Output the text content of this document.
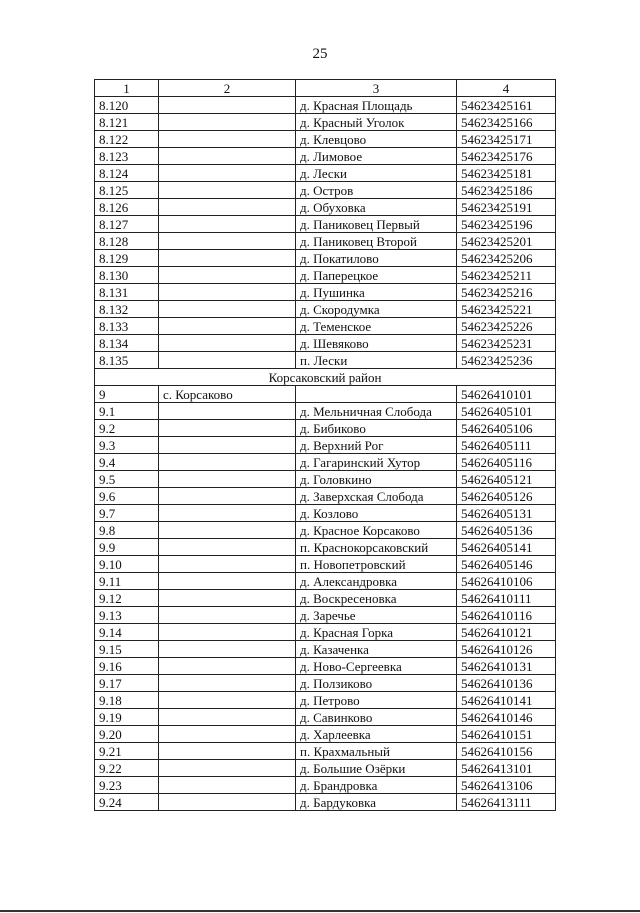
25
1	2	3	4
8.120		д. Красная Площадь	54623425161
8.121		д. Красный Уголок	54623425166
8.122		д. Клевцово	54623425171
8.123		д. Лимовое	54623425176
8.124		д. Лески	54623425181
8.125		д. Остров	54623425186
8.126		д. Обуховка	54623425191
8.127		д. Паниковец Первый	54623425196
8.128		д. Паниковец Второй	54623425201
8.129		д. Покатилово	54623425206
8.130		д. Паперецкое	54623425211
8.131		д. Пушинка	54623425216
8.132		д. Скородумка	54623425221
8.133		д. Теменское	54623425226
8.134		д. Шевяково	54623425231
8.135		п. Лески	54623425236
Корсаковский район			
9	с. Корсаково		54626410101
9.1		д. Мельничная Слобода	54626405101
9.2		д. Бибиково	54626405106
9.3		д. Верхний Рог	54626405111
9.4		д. Гагаринский Хутор	54626405116
9.5		д. Головкино	54626405121
9.6		д. Заверхская Слобода	54626405126
9.7		д. Козлово	54626405131
9.8		д. Красное Корсаково	54626405136
9.9		п. Краснокорсаковский	54626405141
9.10		п. Новопетровский	54626405146
9.11		д. Александровка	54626410106
9.12		д. Воскресеновка	54626410111
9.13		д. Заречье	54626410116
9.14		д. Красная Горка	54626410121
9.15		д. Казаченка	54626410126
9.16		д. Ново-Сергеевка	54626410131
9.17		д. Ползиково	54626410136
9.18		д. Петрово	54626410141
9.19		д. Савинково	54626410146
9.20		д. Харлеевка	54626410151
9.21		п. Крахмальный	54626410156
9.22		д. Большие Озёрки	54626413101
9.23		д. Брандровка	54626413106
9.24		д. Бардуковка	54626413111
